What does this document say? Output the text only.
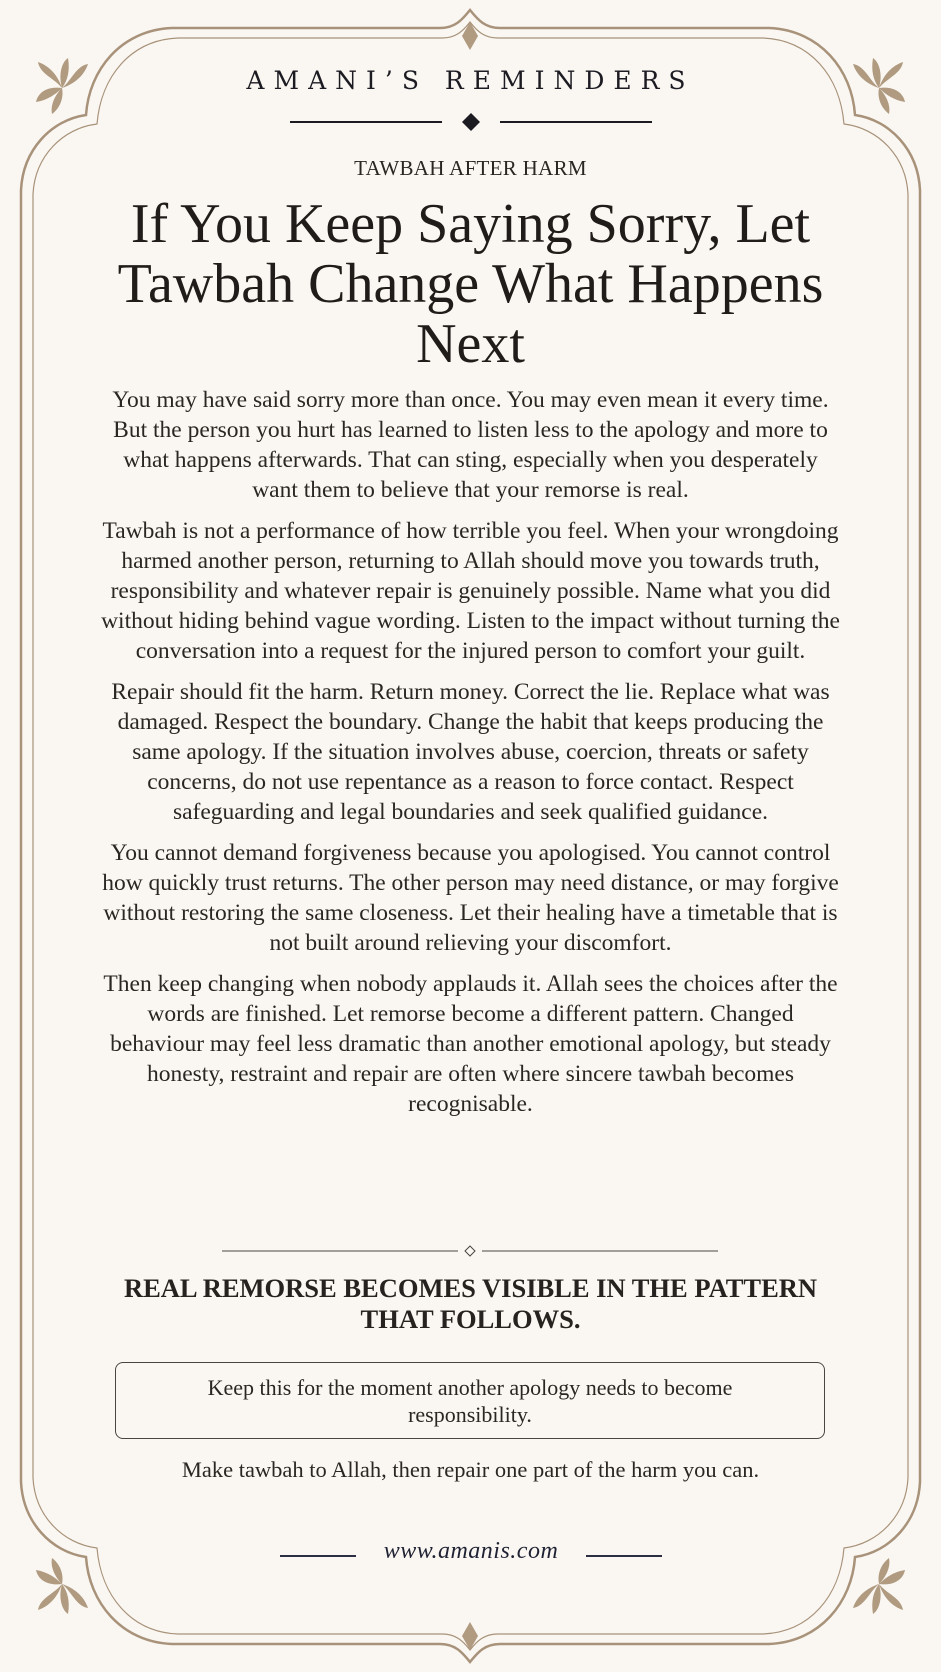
AMANI’S REMINDERS
TAWBAH AFTER HARM
If You Keep Saying Sorry, Let Tawbah Change What Happens Next

You may have said sorry more than once. You may even mean it every time. But the person you hurt has learned to listen less to the apology and more to what happens afterwards. That can sting, especially when you desperately want them to believe that your remorse is real.

Tawbah is not a performance of how terrible you feel. When your wrongdoing harmed another person, returning to Allah should move you towards truth, responsibility and whatever repair is genuinely possible. Name what you did without hiding behind vague wording. Listen to the impact without turning the conversation into a request for the injured person to comfort your guilt.

Repair should fit the harm. Return money. Correct the lie. Replace what was damaged. Respect the boundary. Change the habit that keeps producing the same apology. If the situation involves abuse, coercion, threats or safety concerns, do not use repentance as a reason to force contact. Respect safeguarding and legal boundaries and seek qualified guidance.

You cannot demand forgiveness because you apologised. You cannot control how quickly trust returns. The other person may need distance, or may forgive without restoring the same closeness. Let their healing have a timetable that is not built around relieving your discomfort.

Then keep changing when nobody applauds it. Allah sees the choices after the words are finished. Let remorse become a different pattern. Changed behaviour may feel less dramatic than another emotional apology, but steady honesty, restraint and repair are often where sincere tawbah becomes recognisable.

REAL REMORSE BECOMES VISIBLE IN THE PATTERN THAT FOLLOWS.
Keep this for the moment another apology needs to become responsibility.

Make tawbah to Allah, then repair one part of the harm you can.

www.amanis.com
